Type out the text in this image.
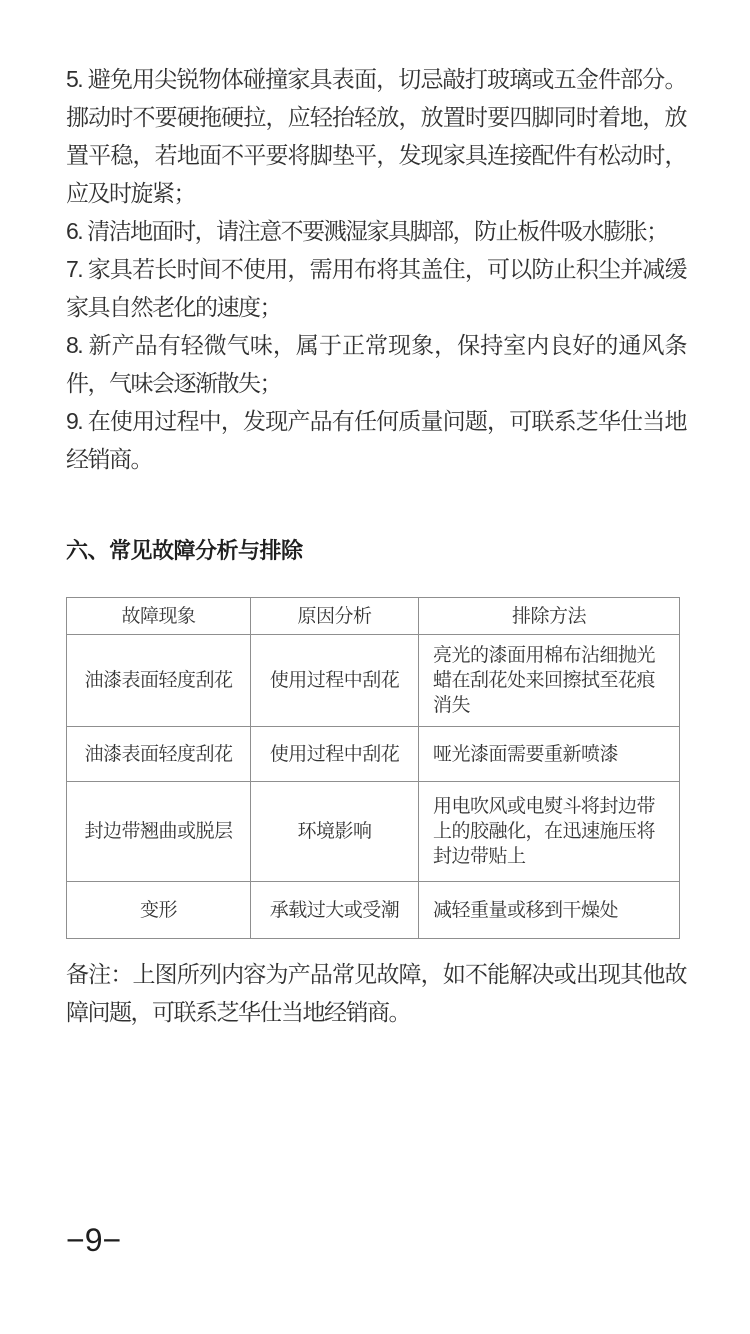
5. 避免用尖锐物体碰撞家具表面，切忌敲打玻璃或五金件部分。挪动时不要硬拖硬拉，应轻抬轻放，放置时要四脚同时着地，放置平稳，若地面不平要将脚垫平，发现家具连接配件有松动时，应及时旋紧；

6. 清洁地面时，请注意不要溅湿家具脚部，防止板件吸水膨胀；

7. 家具若长时间不使用，需用布将其盖住，可以防止积尘并减缓家具自然老化的速度；

8. 新产品有轻微气味，属于正常现象，保持室内良好的通风条件，气味会逐渐散失；

9. 在使用过程中，发现产品有任何质量问题，可联系芝华仕当地经销商。

六、常见故障分析与排除
故障现象	原因分析	排除方法
油漆表面轻度刮花	使用过程中刮花	亮光的漆面用棉布沾细抛光蜡在刮花处来回擦拭至花痕消失
油漆表面轻度刮花	使用过程中刮花	哑光漆面需要重新喷漆
封边带翘曲或脱层	环境影响	用电吹风或电熨斗将封边带上的胶融化，在迅速施压将封边带贴上
变形	承载过大或受潮	减轻重量或移到干燥处

备注：上图所列内容为产品常见故障，如不能解决或出现其他故障问题，可联系芝华仕当地经销商。

−9−
